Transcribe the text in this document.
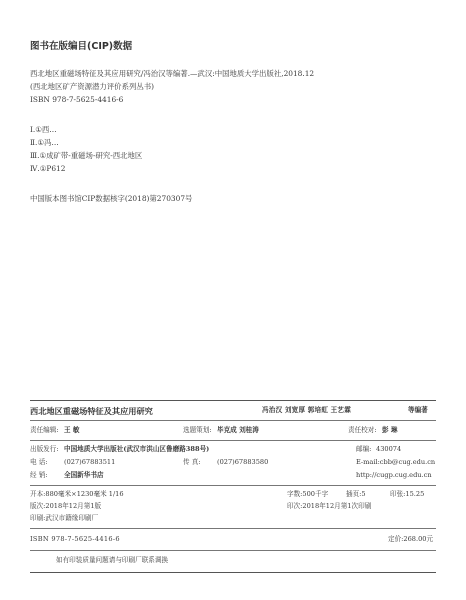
图书在版编目(CIP)数据
西北地区重磁场特征及其应用研究/冯治汉等编著.—武汉:中国地质大学出版社,2018.12
(西北地区矿产资源潜力评价系列丛书)
ISBN 978-7-5625-4416-6
Ⅰ.①西…
Ⅱ.①冯…
Ⅲ.①成矿带-重磁场-研究-西北地区
Ⅳ.①P612
中国版本图书馆CIP数据核字(2018)第270307号
西北地区重磁场特征及其应用研究	冯治汉 刘宽厚 郭培虹 王艺霖	等编著
责任编辑: 王 敏	选题策划: 毕克成 刘桂涛	责任校对: 彭 琳
出版发行: 中国地质大学出版社(武汉市洪山区鲁磨路388号)	邮编: 430074
电 话: (027)67883511	传 真: (027)67883580	E-mail:cbb@cug.edu.cn
经 销: 全国新华书店	http://cugp.cug.edu.cn
开本:880毫米×1230毫米 1/16	字数:500千字	插页:5	印张:15.25
版次:2018年12月第1版	印次:2018年12月第1次印刷
印刷:武汉市籍缘印刷厂
ISBN 978-7-5625-4416-6	定价:268.00元
如有印装质量问题请与印刷厂联系调换
